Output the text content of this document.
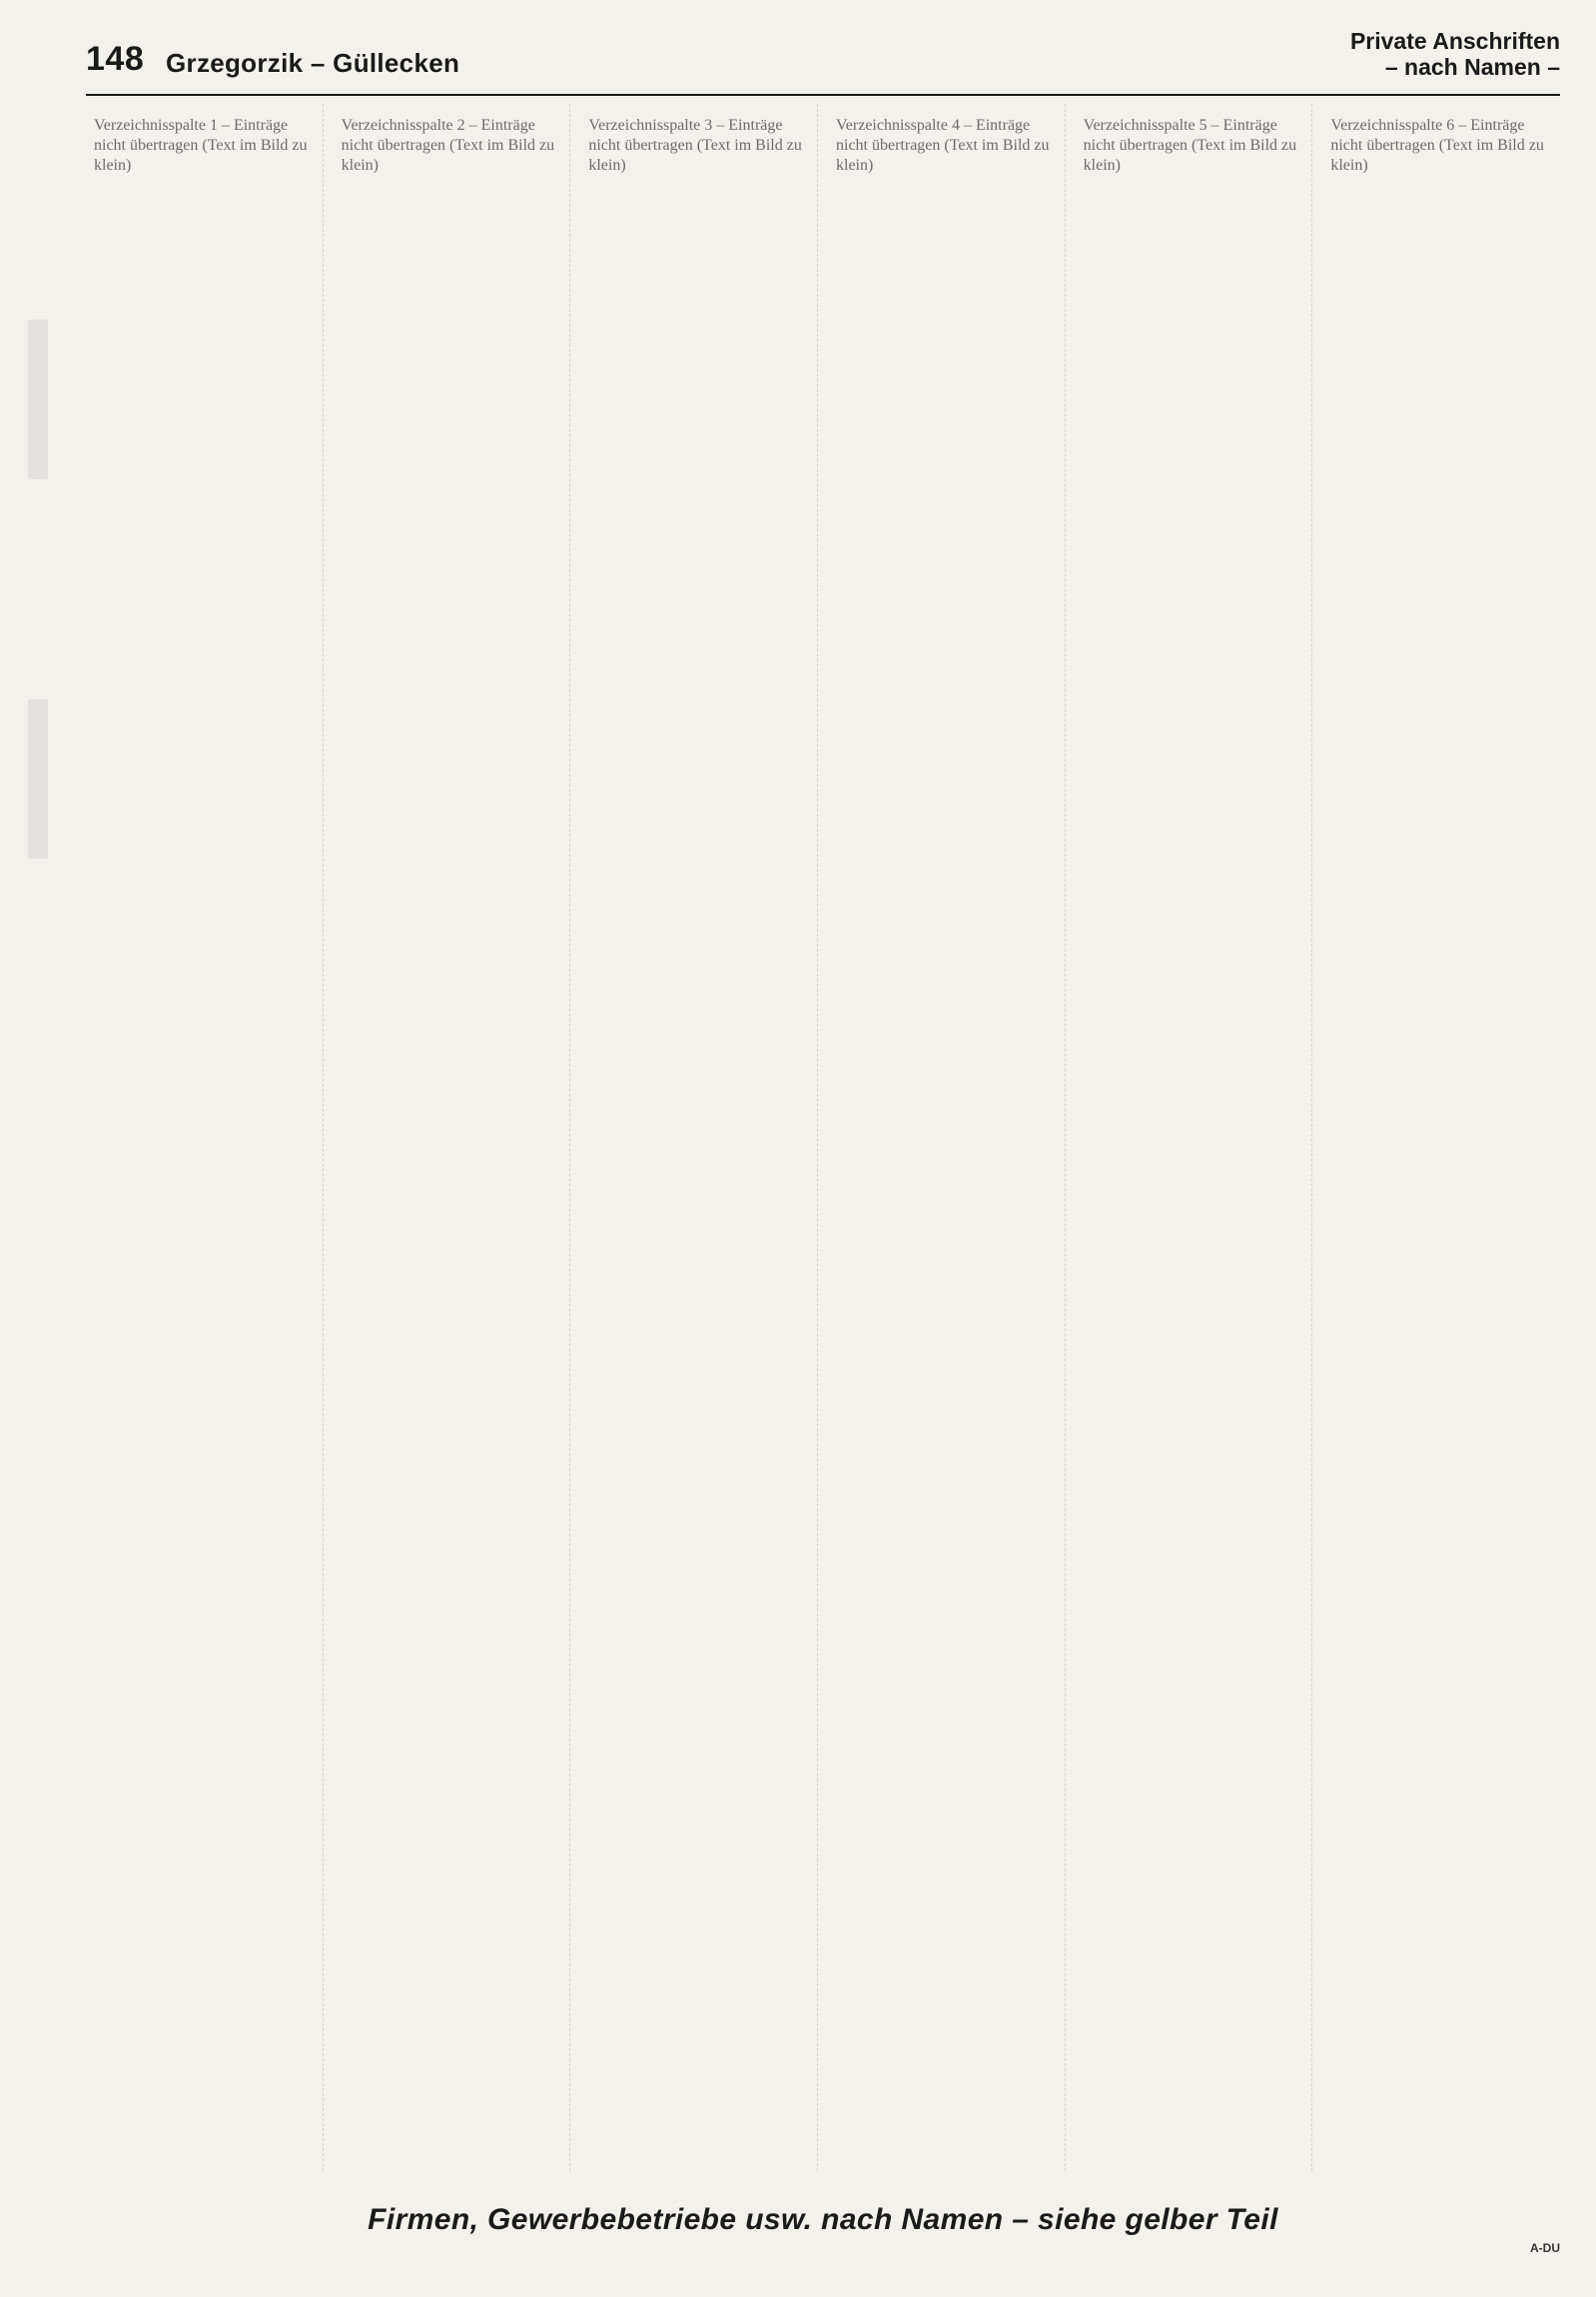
148 Grzegorzik – Güllecken
Private Anschriften
– nach Namen –
Verzeichnisspalte 1 – Einträge nicht übertragen (Text im Bild zu klein)
Verzeichnisspalte 2 – Einträge nicht übertragen (Text im Bild zu klein)
Verzeichnisspalte 3 – Einträge nicht übertragen (Text im Bild zu klein)
Verzeichnisspalte 4 – Einträge nicht übertragen (Text im Bild zu klein)
Verzeichnisspalte 5 – Einträge nicht übertragen (Text im Bild zu klein)
Verzeichnisspalte 6 – Einträge nicht übertragen (Text im Bild zu klein)
Firmen, Gewerbebetriebe usw. nach Namen – siehe gelber Teil
A-DU
